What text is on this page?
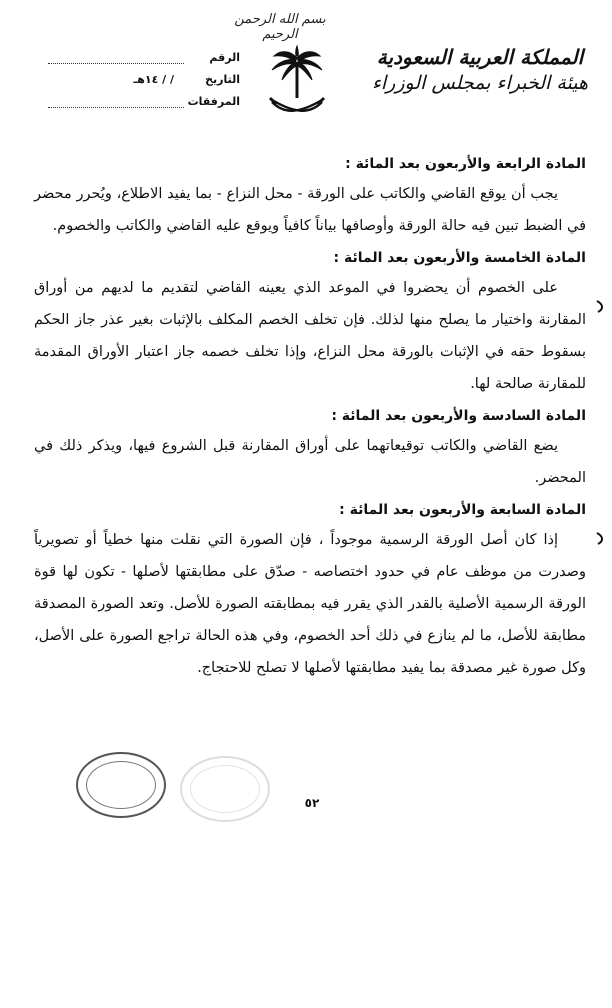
بسم الله الرحمن الرحيم
الرقم
التاريخ
/ / ١٤هـ
المرفقات
المملكة العربية السعودية
هيئة الخبراء بمجلس الوزراء
المادة الرابعة والأربعون بعد المائة :

يجب أن يوقع القاضي والكاتب على الورقة - محل النزاع - بما يفيد الاطلاع، ويُحرر محضر في الضبط تبين فيه حالة الورقة وأوصافها بياناً كافياً ويوقع عليه القاضي والكاتب والخصوم.

المادة الخامسة والأربعون بعد المائة :

على الخصوم أن يحضروا في الموعد الذي يعينه القاضي لتقديم ما لديهم من أوراق المقارنة واختيار ما يصلح منها لذلك. فإن تخلف الخصم المكلف بالإثبات بغير عذر جاز الحكم بسقوط حقه في الإثبات بالورقة محل النزاع، وإذا تخلف خصمه جاز اعتبار الأوراق المقدمة للمقارنة صالحة لها.

المادة السادسة والأربعون بعد المائة :

يضع القاضي والكاتب توقيعاتهما على أوراق المقارنة قبل الشروع فيها، ويذكر ذلك في المحضر.

المادة السابعة والأربعون بعد المائة :

إذا كان أصل الورقة الرسمية موجوداً ، فإن الصورة التي نقلت منها خطياً أو تصويرياً وصدرت من موظف عام في حدود اختصاصه - صدّق على مطابقتها لأصلها - تكون لها قوة الورقة الرسمية الأصلية بالقدر الذي يقرر فيه بمطابقته الصورة للأصل. وتعد الصورة المصدقة مطابقة للأصل، ما لم ينازع في ذلك أحد الخصوم، وفي هذه الحالة تراجع الصورة على الأصل، وكل صورة غير مصدقة بما يفيد مطابقتها لأصلها لا تصلح للاحتجاج.

٥٢
